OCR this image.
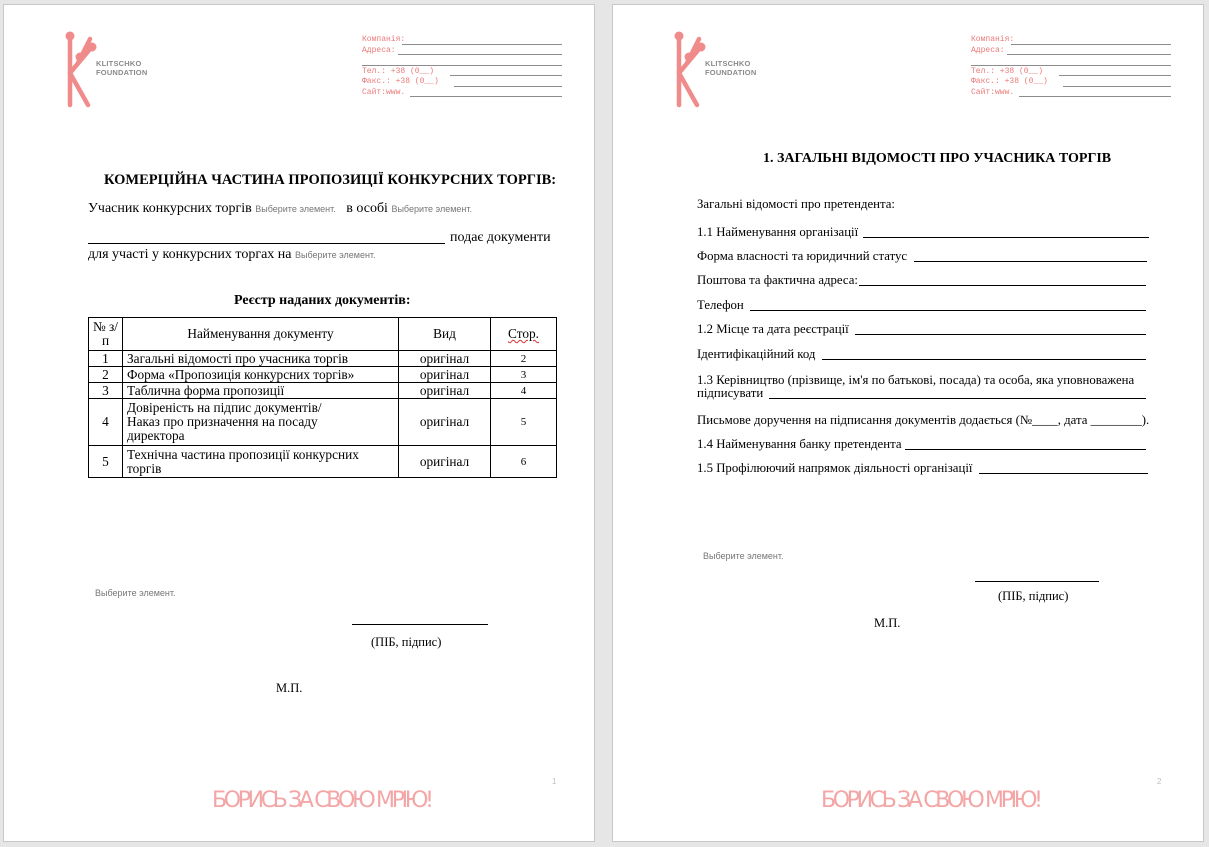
KLITSCHKO
FOUNDATION
Компанія:
Адреса:
Тел.: +38 (0__)
Факс.: +38 (0__)
Сайт:www.
КОМЕРЦІЙНА ЧАСТИНА ПРОПОЗИЦІЇ КОНКУРСНИХ ТОРГІВ:
Учасник конкурсних торгів Выберите элемент. в особі Выберите элемент.
подає документи
для участі у конкурсних торгах на Выберите элемент.
Реєстр наданих документів:
№ з/п	Найменування документу	Вид	Стор.
1	Загальні відомості про учасника торгів	оригінал	2
2	Форма «Пропозиція конкурсних торгів»	оригінал	3
3	Таблична форма пропозиції	оригінал	4
4	Довіреність на підпис документів/
Наказ про призначення на посаду
директора	оригінал	5
5	Технічна частина пропозиції конкурсних
торгів	оригінал	6
Выберите элемент.
(ПІБ, підпис)
М.П.
1
БОРИСЬ ЗА СВОЮ МРІЮ!
KLITSCHKO
FOUNDATION
Компанія:
Адреса:
Тел.: +38 (0__)
Факс.: +38 (0__)
Сайт:www.
1. ЗАГАЛЬНІ ВІДОМОСТІ ПРО УЧАСНИКА ТОРГІВ
Загальні відомості про претендента:
1.1 Найменування організації
Форма власності та юридичний статус
Поштова та фактична адреса:
Телефон
1.2 Місце та дата реєстрації
Ідентифікаційний код
1.3 Керівництво (прізвище, ім'я по батькові, посада) та особа, яка уповноважена
підписувати
Письмове доручення на підписання документів додається (№____, дата ________).
1.4 Найменування банку претендента
1.5 Профілюючий напрямок діяльності організації
Выберите элемент.
(ПІБ, підпис)
М.П.
2
БОРИСЬ ЗА СВОЮ МРІЮ!
